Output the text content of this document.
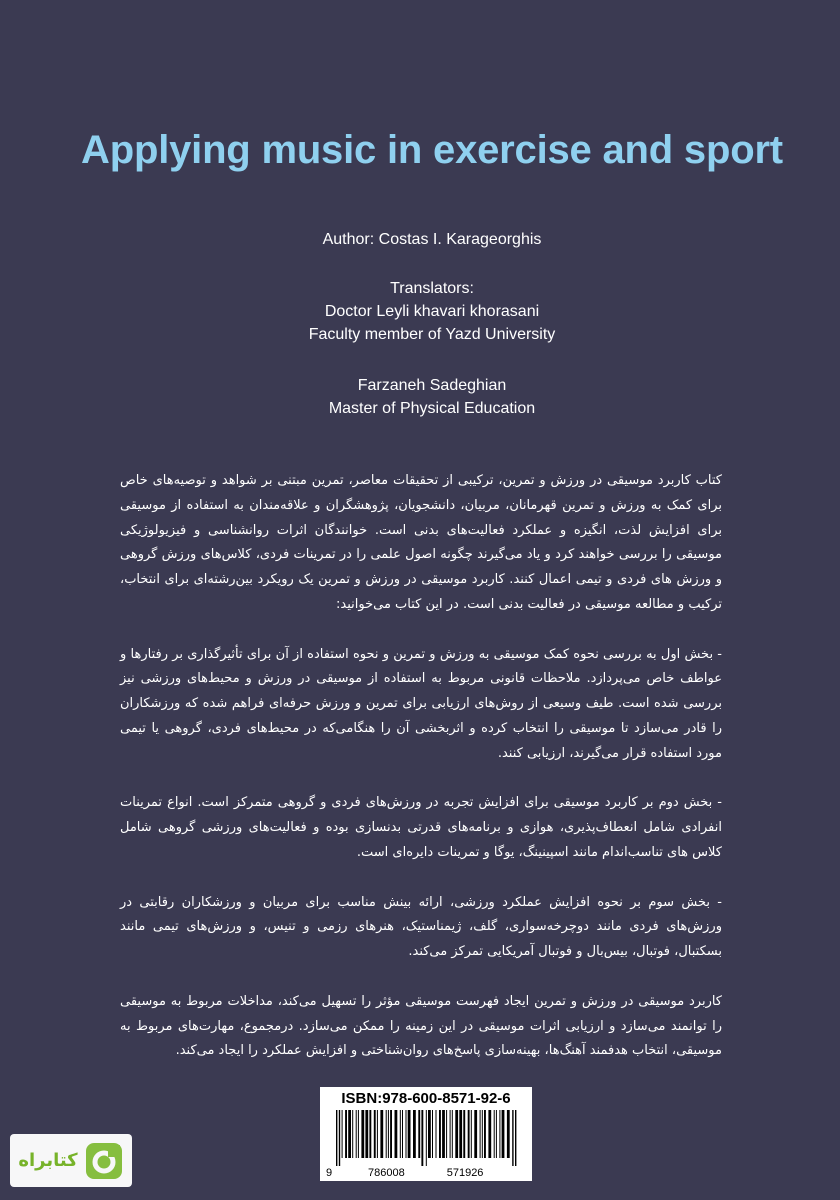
Applying music in exercise and sport
Author: Costas I. Karageorghis
Translators:
Doctor Leyli khavari khorasani
Faculty member of Yazd University
Farzaneh Sadeghian
Master of Physical Education

کتاب کاربرد موسیقی در ورزش و تمرین، ترکیبی از تحقیقات معاصر، تمرین مبتنی بر شواهد و توصیه‌های خاص برای کمک به ورزش و تمرین قهرمانان، مربیان، دانشجویان، پژوهشگران و علاقه‌مندان به استفاده از موسیقی برای افزایش لذت، انگیزه و عملکرد فعالیت‌های بدنی است. خوانندگان اثرات روانشناسی و فیزیولوژیکی موسیقی را بررسی خواهند کرد و یاد می‌گیرند چگونه اصول علمی را در تمرینات فردی، کلاس‌های ورزش گروهی و ورزش های فردی و تیمی اعمال کنند. کاربرد موسیقی در ورزش و تمرین یک رویکرد بین‌رشته‌ای برای انتخاب، ترکیب و مطالعه موسیقی در فعالیت بدنی است. در این کتاب می‌خوانید:

- بخش اول به بررسی نحوه کمک موسیقی به ورزش و تمرین و نحوه استفاده از آن برای تأثیرگذاری بر رفتارها و عواطف خاص می‌پردازد. ملاحظات قانونی مربوط به استفاده از موسیقی در ورزش و محیط‌های ورزشی نیز بررسی شده است. طیف وسیعی از روش‌های ارزیابی برای تمرین و ورزش حرفه‌ای فراهم شده که ورزشکاران را قادر می‌سازد تا موسیقی را انتخاب کرده و اثربخشی آن را هنگامی‌که در محیط‌های فردی، گروهی یا تیمی مورد استفاده قرار می‌گیرند، ارزیابی کنند.

- بخش دوم بر کاربرد موسیقی برای افزایش تجربه در ورزش‌های فردی و گروهی متمرکز است. انواع تمرینات انفرادی شامل انعطاف‌پذیری، هوازی و برنامه‌های قدرتی بدنسازی بوده و فعالیت‌های ورزشی گروهی شامل کلاس های تناسب‌اندام مانند اسپینینگ، یوگا و تمرینات دایره‌ای است.

- بخش سوم بر نحوه افزایش عملکرد ورزشی، ارائه بینش مناسب برای مربیان و ورزشکاران رقابتی در ورزش‌های فردی مانند دوچرخه‌سواری، گلف، ژیمناستیک، هنرهای رزمی و تنیس، و ورزش‌های تیمی مانند بسکتبال، فوتبال، بیس‌بال و فوتبال آمریکایی تمرکز می‌کند.

کاربرد موسیقی در ورزش و تمرین ایجاد فهرست موسیقی مؤثر را تسهیل می‌کند، مداخلات مربوط به موسیقی را توانمند می‌سازد و ارزیابی اثرات موسیقی در این زمینه را ممکن می‌سازد. درمجموع، مهارت‌های مربوط به موسیقی، انتخاب هدفمند آهنگ‌ها، بهینه‌سازی پاسخ‌های روان‌شناختی و افزایش عملکرد را ایجاد می‌کند.

ISBN:978-600-8571-92-6
9	786008	571926
کتابراه
